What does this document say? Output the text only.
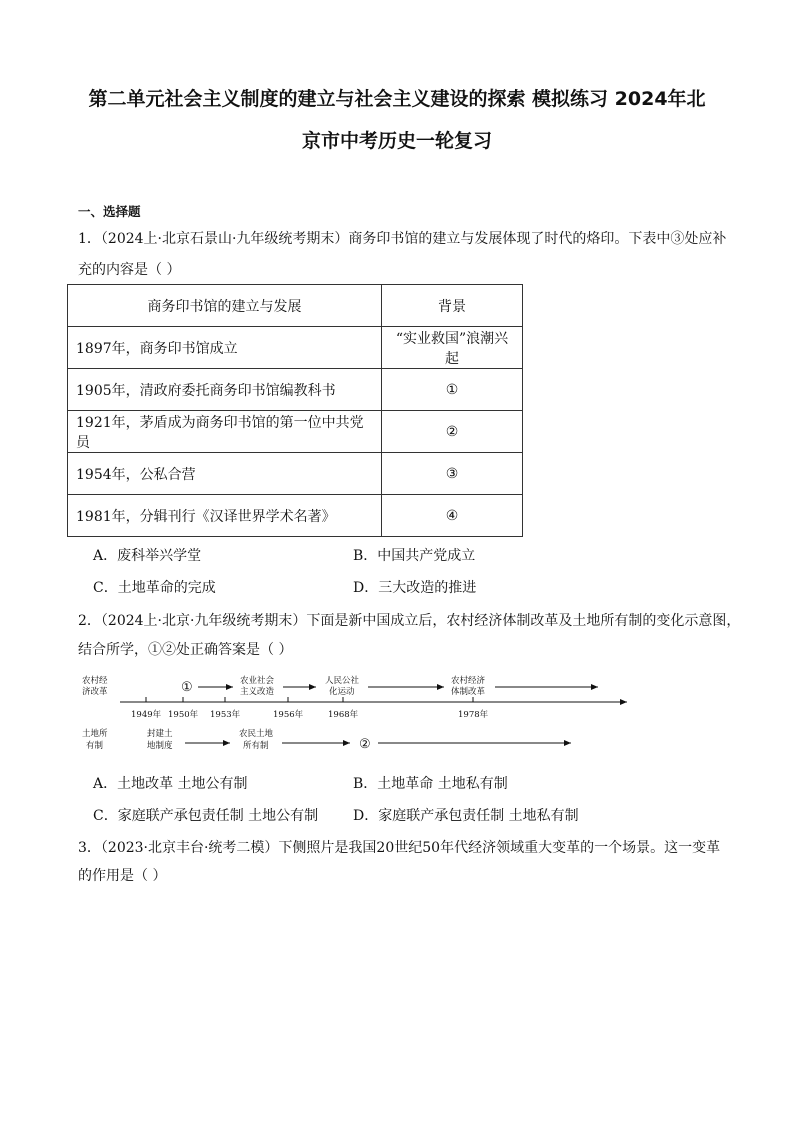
第二单元社会主义制度的建立与社会主义建设的探索 模拟练习 2024年北
京市中考历史一轮复习
一、选择题
1．（2024上·北京石景山·九年级统考期末）商务印书馆的建立与发展体现了时代的烙印。下表中③处应补
充的内容是（ ）
商务印书馆的建立与发展	背景
1897年，商务印书馆成立	“实业救国”浪潮兴起
1905年，清政府委托商务印书馆编教科书	①
1921年，茅盾成为商务印书馆的第一位中共党员	②
1954年，公私合营	③
1981年，分辑刊行《汉译世界学术名著》	④
A．废科举兴学堂	B．中国共产党成立
C．土地革命的完成	D．三大改造的推进
2．（2024上·北京·九年级统考期末）下面是新中国成立后，农村经济体制改革及土地所有制的变化示意图，
结合所学，①②处正确答案是（ ）
农村经
济改革
土地所
有制
1949年 1950年 1953年	1956年	1968年	1978年
①	农业社会
主义改造
人民公社
化运动
农村经济
体制改革
封建土
地制度
农民土地
所有制	②
A．土地改革 土地公有制	B．土地革命 土地私有制
C．家庭联产承包责任制 土地公有制 D．家庭联产承包责任制 土地私有制
3．（2023·北京丰台·统考二模）下侧照片是我国20世纪50年代经济领域重大变革的一个场景。这一变革
的作用是（ ）
